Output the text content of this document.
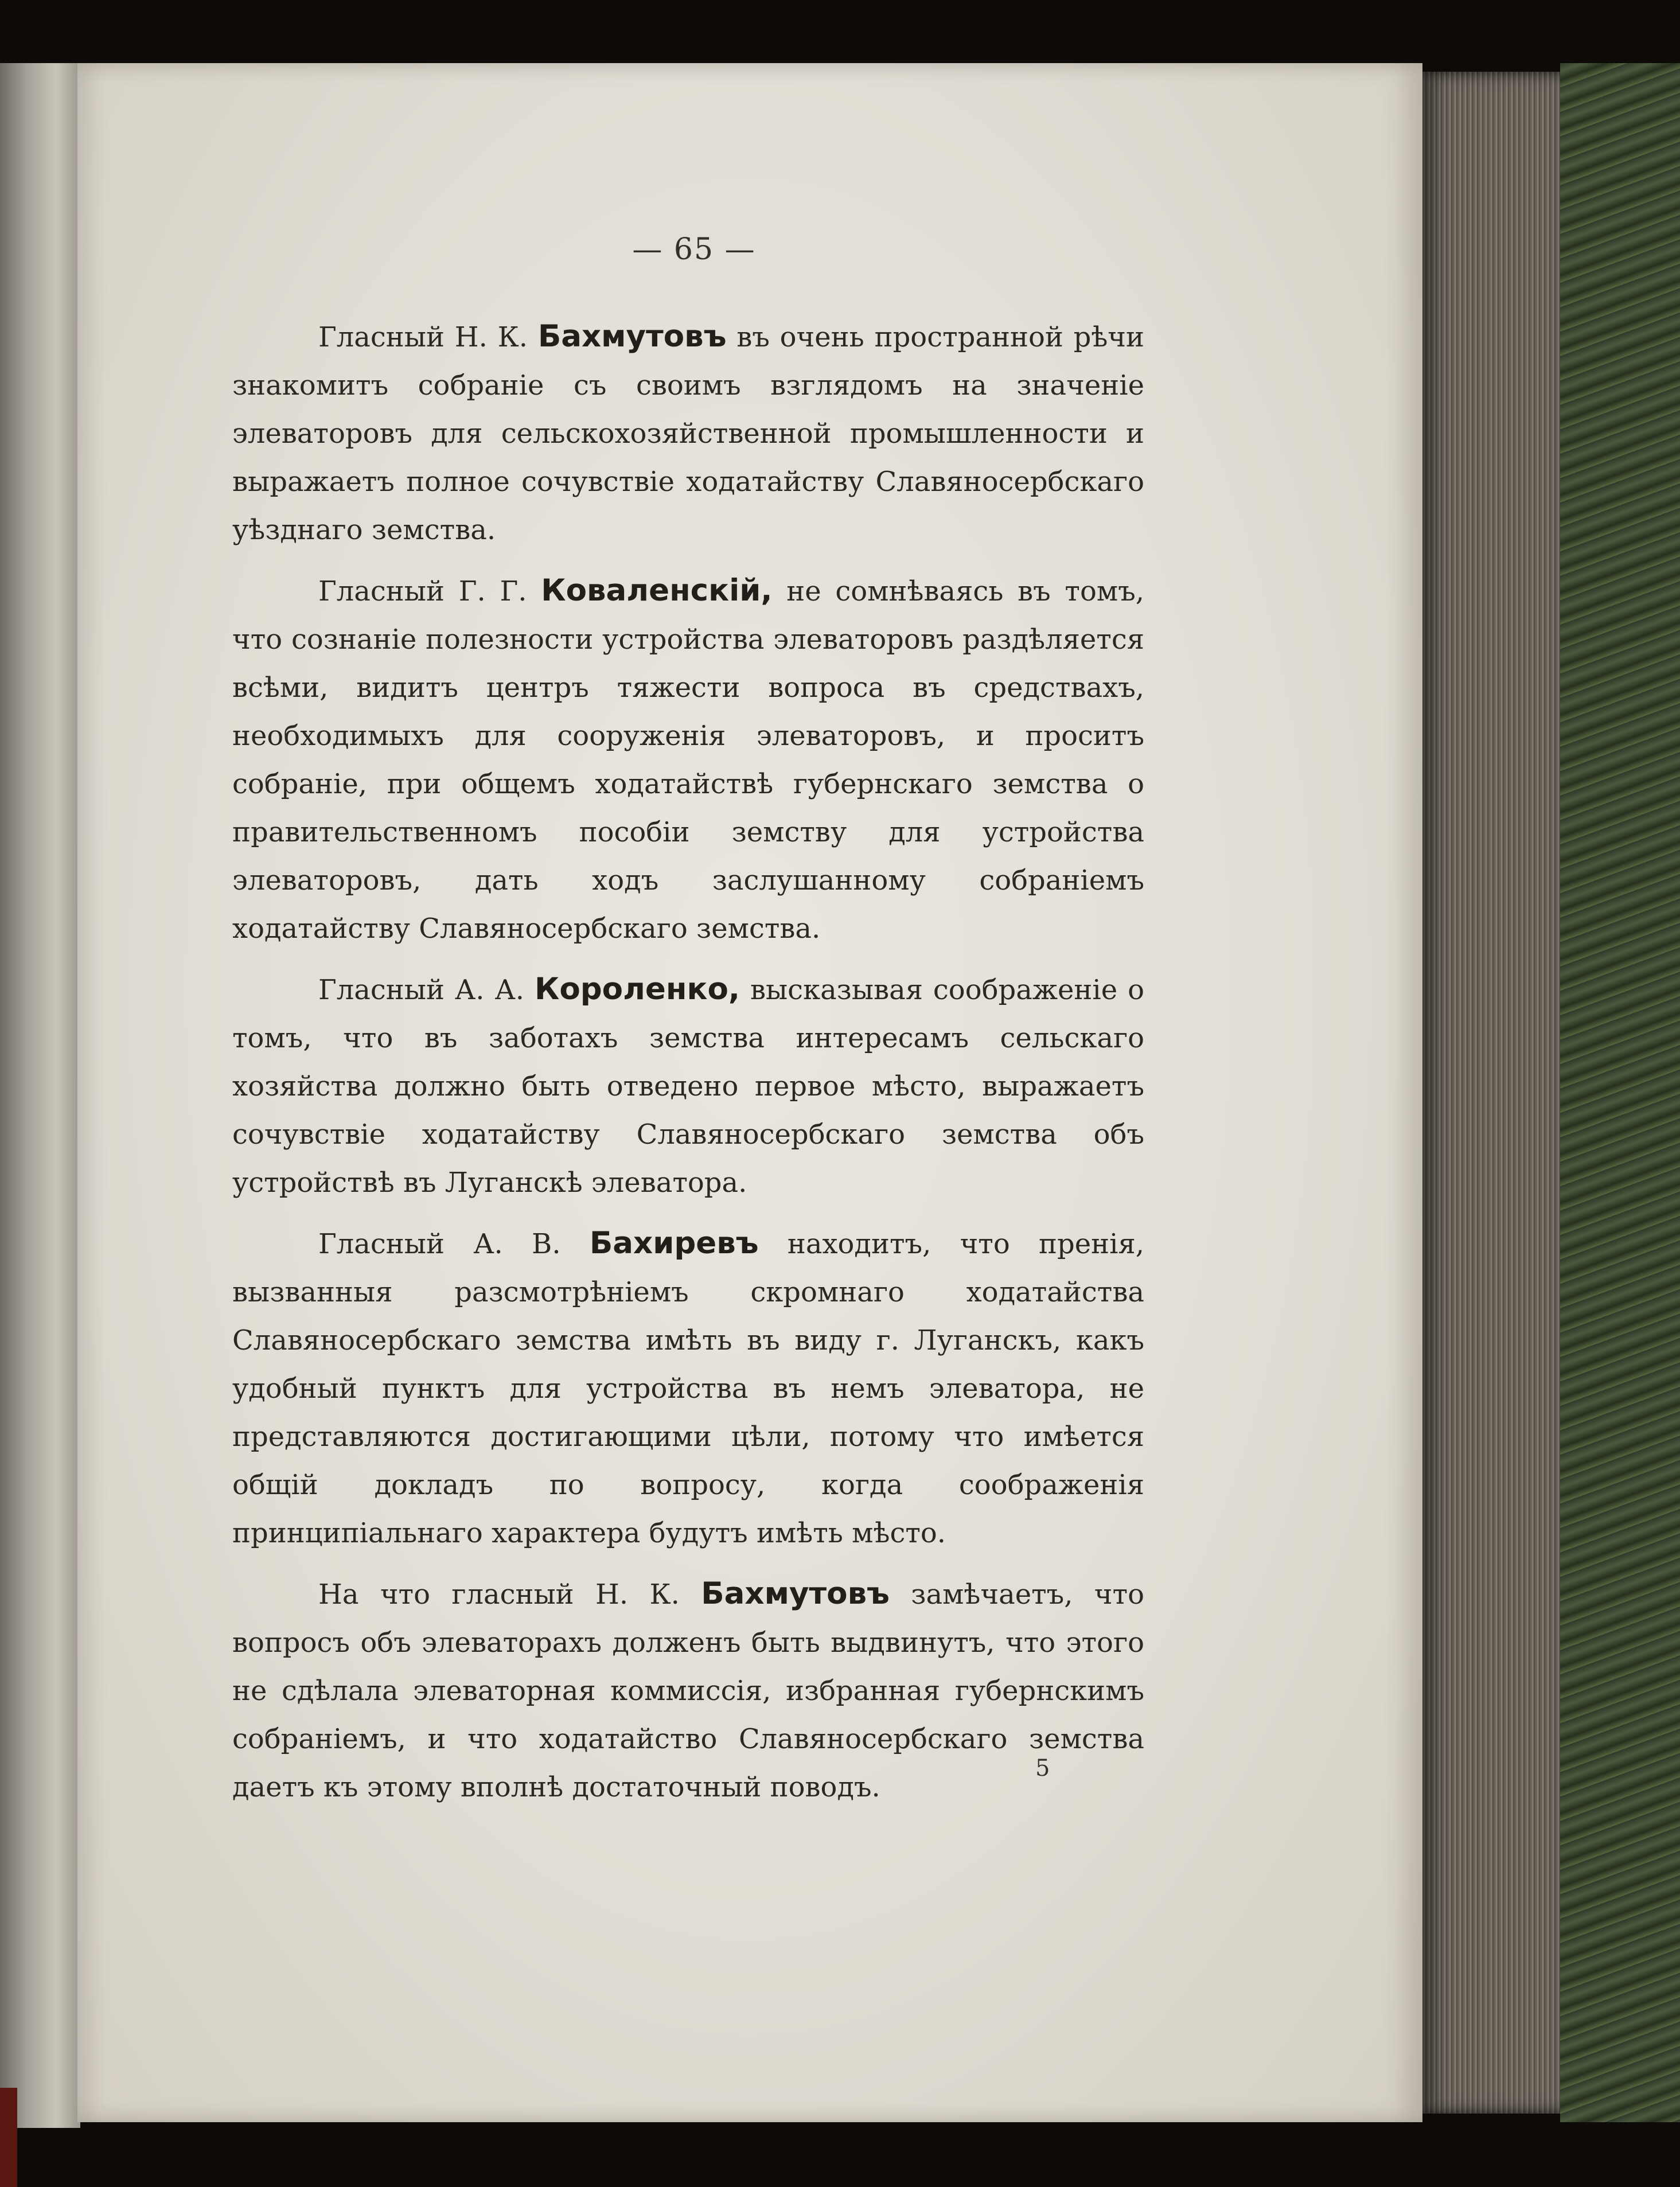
— 65 —

Гласный Н. К. Бахмутовъ въ очень пространной рѣчи знакомитъ собраніе съ своимъ взглядомъ на значеніе элеваторовъ для сельскохозяйственной промышленности и выражаетъ полное сочувствіе ходатайству Славяносербскаго уѣзднаго земства.

Гласный Г. Г. Коваленскій, не сомнѣваясь въ томъ, что сознаніе полезности устройства элеваторовъ раздѣляется всѣми, видитъ центръ тяжести вопроса въ средствахъ, необходимыхъ для сооруженія элеваторовъ, и проситъ собраніе, при общемъ ходатайствѣ губернскаго земства о правительственномъ пособіи земству для устройства элеваторовъ, дать ходъ заслушанному собраніемъ ходатайству Славяносербскаго земства.

Гласный А. А. Короленко, высказывая соображеніе о томъ, что въ заботахъ земства интересамъ сельскаго хозяйства должно быть отведено первое мѣсто, выражаетъ сочувствіе ходатайству Славяносербскаго земства объ устройствѣ въ Луганскѣ элеватора.

Гласный А. В. Бахиревъ находитъ, что пренія, вызванныя разсмотрѣніемъ скромнаго ходатайства Славяносербскаго земства имѣть въ виду г. Луганскъ, какъ удобный пунктъ для устройства въ немъ элеватора, не представляются достигающими цѣли, потому что имѣется общій докладъ по вопросу, когда соображенія принципіальнаго характера будутъ имѣть мѣсто.

На что гласный Н. К. Бахмутовъ замѣчаетъ, что вопросъ объ элеваторахъ долженъ быть выдвинутъ, что этого не сдѣлала элеваторная коммиссія, избранная губернскимъ собраніемъ, и что ходатайство Славяносербскаго земства даетъ къ этому вполнѣ достаточный поводъ.

5
